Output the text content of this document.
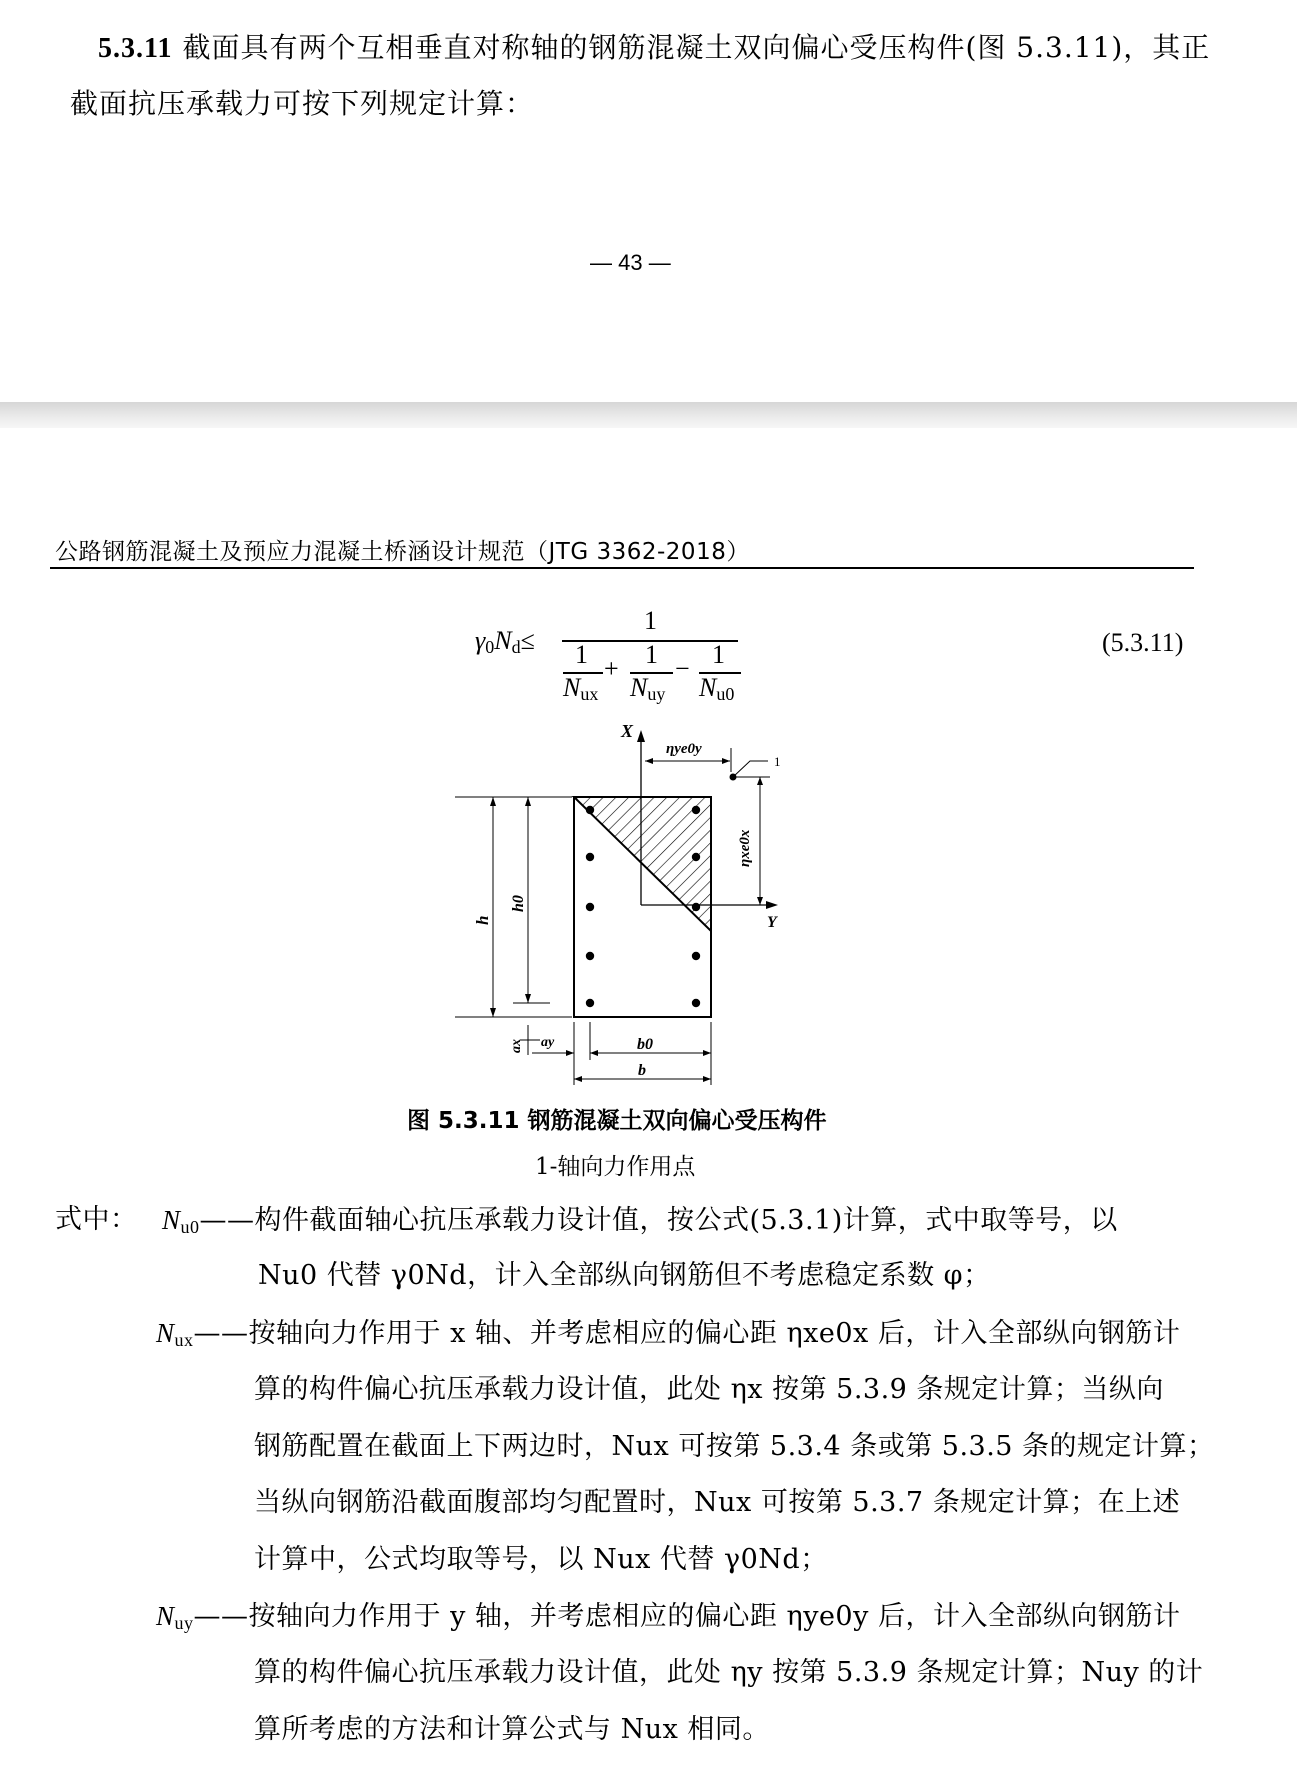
5.3.11 截面具有两个互相垂直对称轴的钢筋混凝土双向偏心受压构件(图 5.3.11)，其正
截面抗压承载力可按下列规定计算：
— 43 —
公路钢筋混凝土及预应力混凝土桥涵设计规范（JTG 3362-2018）
γ0Nd≤
1
1
Nux
+ 1
Nuy
− 1
Nu0
(5.3.11)
X
Y
ηye0y
ηxe0x
1
h
h0
ax ay	b0
b
图 5.3.11 钢筋混凝土双向偏心受压构件
1-轴向力作用点
式中： Nu0——构件截面轴心抗压承载力设计值，按公式(5.3.1)计算，式中取等号，以
Nu0 代替 γ0Nd，计入全部纵向钢筋但不考虑稳定系数 φ；
Nux——按轴向力作用于 x 轴、并考虑相应的偏心距 ηxe0x 后，计入全部纵向钢筋计
算的构件偏心抗压承载力设计值，此处 ηx 按第 5.3.9 条规定计算；当纵向
钢筋配置在截面上下两边时，Nux 可按第 5.3.4 条或第 5.3.5 条的规定计算；
当纵向钢筋沿截面腹部均匀配置时，Nux 可按第 5.3.7 条规定计算；在上述
计算中，公式均取等号，以 Nux 代替 γ0Nd；
Nuy——按轴向力作用于 y 轴，并考虑相应的偏心距 ηye0y 后，计入全部纵向钢筋计
算的构件偏心抗压承载力设计值，此处 ηy 按第 5.3.9 条规定计算；Nuy 的计
算所考虑的方法和计算公式与 Nux 相同。
